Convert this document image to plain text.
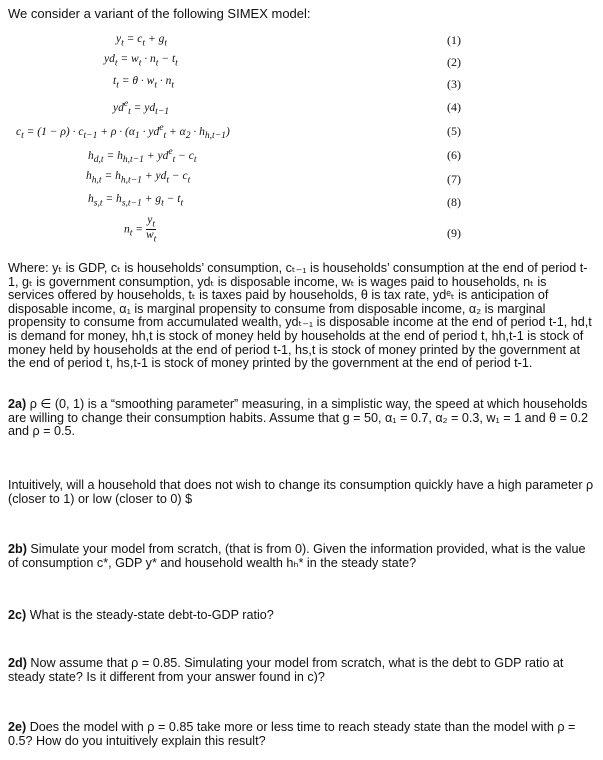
We consider a variant of the following SIMEX model:
$y_t = c_t + g_t$
$yd_t = w_t \cdot n_t - t_t$
$t_t = \theta \cdot w_t \cdot n_t$
$yd^e_t = yd_{t-1}$
$c_t = (1 - \rho) \cdot c_{t-1} + \rho \cdot (\alpha_1 \cdot yd^e_t + \alpha_2 \cdot h_{h,t-1})$
$h_{d,t} = h_{h,t-1} + yd^e_t - c_t$
$h_{h,t} = h_{h,t-1} + yd_t - c_t$
$h_{s,t} = h_{s,t-1} + g_t - t_t$
$n_t = \frac{y_t}{w_t}$
(1)
(2)
(3)
(4)
(5)
(6)
(7)
(8)
(9)

Where: yₜ is GDP, cₜ is households’ consumption, cₜ₋₁ is households’ consumption at the end of period t-1, gₜ is government consumption, ydₜ is disposable income, wₜ is wages paid to households, nₜ is services offered by households, tₜ is taxes paid by households, θ is tax rate, ydᵉₜ is anticipation of disposable income, α₁ is marginal propensity to consume from disposable income, α₂ is marginal propensity to consume from accumulated wealth, ydₜ₋₁ is disposable income at the end of period t-1, hd,t is demand for money, hh,t is stock of money held by households at the end of period t, hh,t-1 is stock of money held by households at the end of period t-1, hs,t is stock of money printed by the government at the end of period t, hs,t-1 is stock of money printed by the government at the end of period t-1.

2a) ρ ∈ (0, 1) is a “smoothing parameter” measuring, in a simplistic way, the speed at which households are willing to change their consumption habits. Assume that g = 50, α₁ = 0.7, α₂ = 0.3, w₁ = 1 and θ = 0.2 and ρ = 0.5.

Intuitively, will a household that does not wish to change its consumption quickly have a high parameter ρ (closer to 1) or low (closer to 0) $

2b) Simulate your model from scratch, (that is from 0). Given the information provided, what is the value of consumption c*, GDP y* and household wealth hₕ* in the steady state?

2c) What is the steady-state debt-to-GDP ratio?

2d) Now assume that ρ = 0.85. Simulating your model from scratch, what is the debt to GDP ratio at steady state? Is it different from your answer found in c)?

2e) Does the model with ρ = 0.85 take more or less time to reach steady state than the model with ρ = 0.5? How do you intuitively explain this result?
